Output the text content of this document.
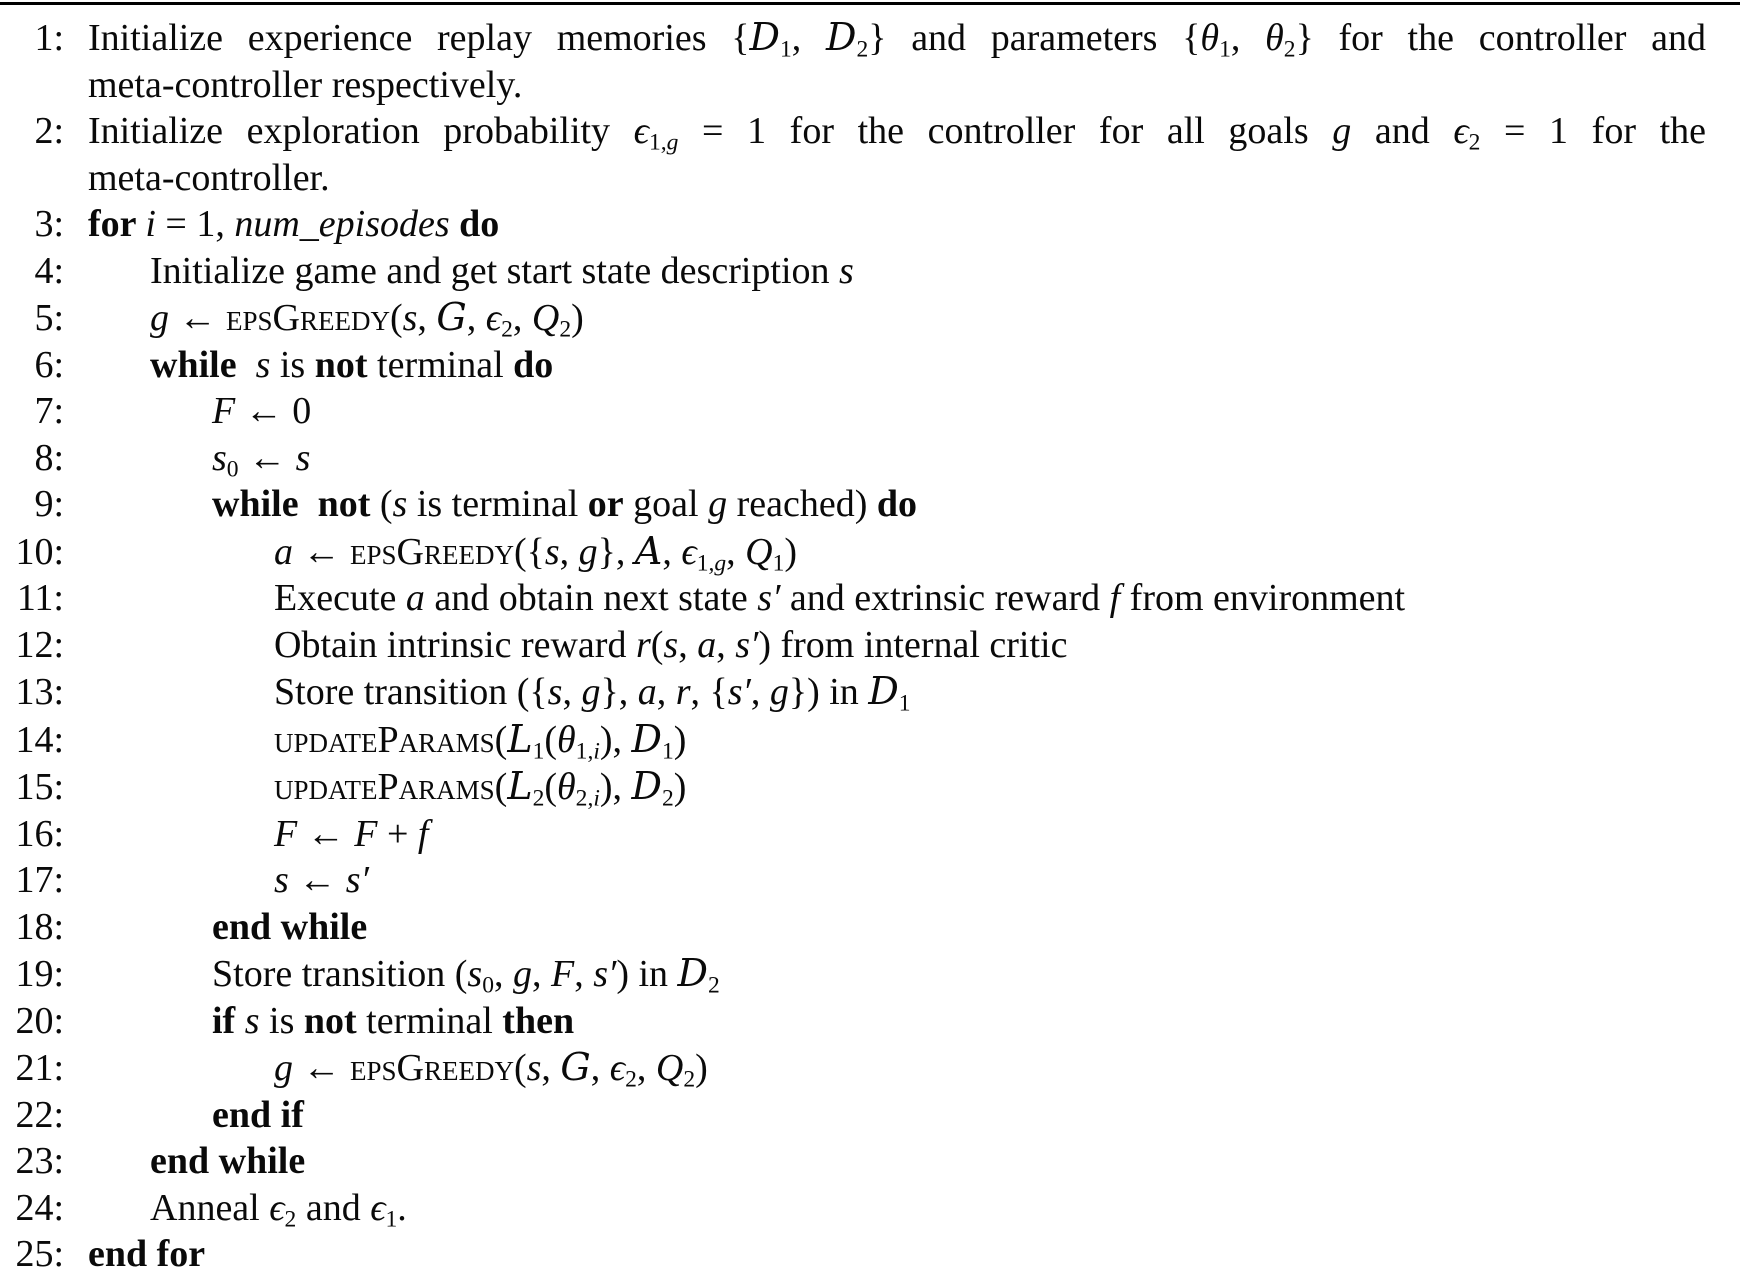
1: Initialize experience replay memories {$D_1$, $D_2$} and parameters {$\theta_1$, $\theta_2$} for the controller and
meta-controller respectively.
2: Initialize exploration probability $\epsilon_{1,}g = 1$ for the controller for all goals g and $\epsilon_2 = 1$ for the
meta-controller.
3: for i = 1, num_episodes do
4:	Initialize game and get start state description s
5:	g ← epsGreedy(s, G, $\epsilon_2$, $Q_2$)
6:	while s is not terminal do
7:	F ← 0
8:	$s_0$ ← s
9:	while not (s is terminal or goal g reached) do
10:	a ← epsGreedy({s, g}, A, $\epsilon_{1,}g$, $Q_1$)
11:	Execute a and obtain next state s′ and extrinsic reward f from environment
12:	Obtain intrinsic reward r(s, a, s′) from internal critic
13:	Store transition ({s, g}, a, r, {s′, g}) in $D_1$
14:	$updateParams(L_1(\theta_{1,}i)$, $D_1$)
15:	$updateParams(L_2(\theta_{2,}i)$, $D_2$)
16:	F ← F + f
17:	s ← s′
18:	end while
19:	Store transition ($s_0$, g, F, s′) in $D_2$
20:	if s is not terminal then
21:	g ← epsGreedy(s, G, $\epsilon_2$, $Q_2$)
22:	end if
23:	end while
24:	Anneal $\epsilon_2$ and $\epsilon_1$.
25: end for
